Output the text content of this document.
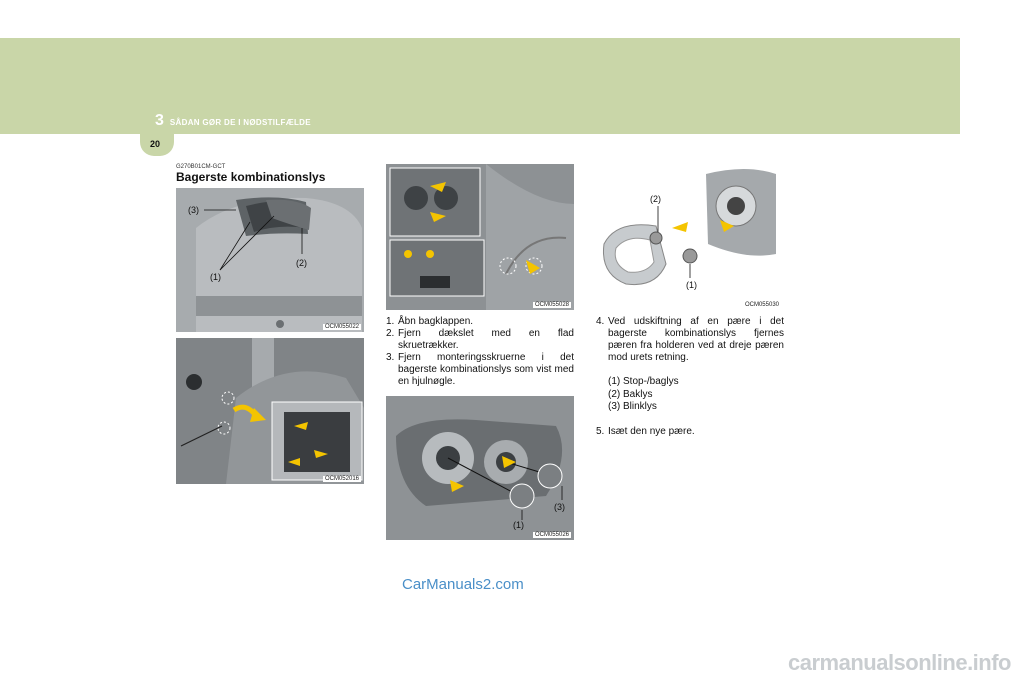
3 SÅDAN GØR DE I NØDSTILFÆLDE
20
G270B01CM-GCT
Bagerste kombinationslys
(3)
(1)
(2)
OCM055022
OCM052016
OCM055028
1. Åbn bagklappen.
2. Fjern dækslet med en flad skruetrækker.
3. Fjern monteringsskruerne i det bagerste kombinationslys som vist med en hjulnøgle.
(1)
(3)
OCM055026
(2)
(1)
OCM055030
4. Ved udskiftning af en pære i det bagerste kombinationslys fjernes pæren fra holderen ved at dreje pæren mod urets retning.
(1) Stop-/baglys
(2) Baklys
(3) Blinklys
5. Isæt den nye pære.
CarManuals2.com
carmanualsonline.info
